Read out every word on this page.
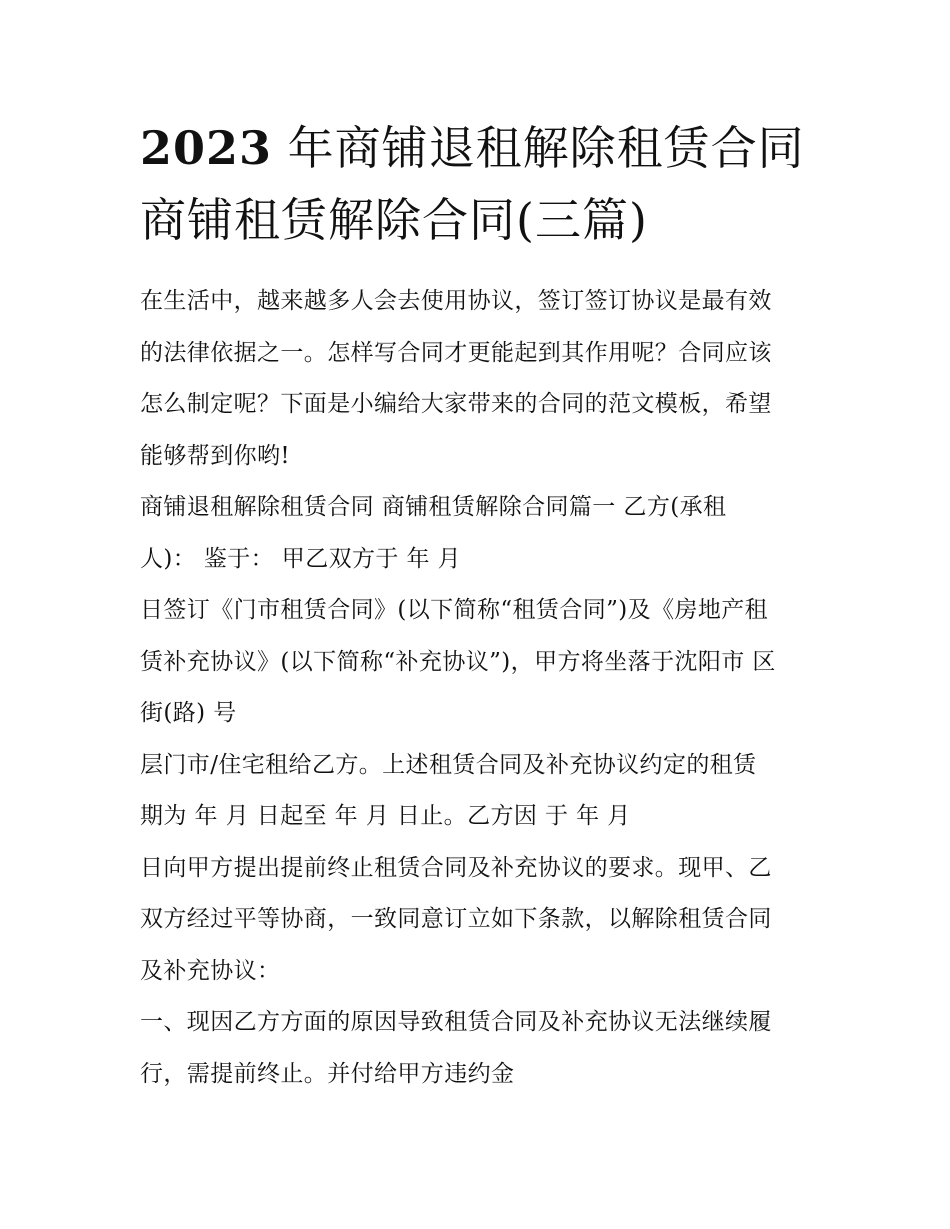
2023 年商铺退租解除租赁合同
商铺租赁解除合同(三篇)
在生活中，越来越多人会去使用协议，签订签订协议是最有效
的法律依据之一。怎样写合同才更能起到其作用呢？合同应该
怎么制定呢？下面是小编给大家带来的合同的范文模板，希望
能够帮到你哟!
商铺退租解除租赁合同 商铺租赁解除合同篇一 乙方(承租
人)： 鉴于： 甲乙双方于 年 月
日签订《门市租赁合同》(以下简称“租赁合同”)及《房地产租
赁补充协议》(以下简称“补充协议”)，甲方将坐落于沈阳市 区
街(路) 号
层门市/住宅租给乙方。上述租赁合同及补充协议约定的租赁
期为 年 月 日起至 年 月 日止。乙方因 于 年 月
日向甲方提出提前终止租赁合同及补充协议的要求。现甲、乙
双方经过平等协商，一致同意订立如下条款，以解除租赁合同
及补充协议：
一、现因乙方方面的原因导致租赁合同及补充协议无法继续履
行，需提前终止。并付给甲方违约金
